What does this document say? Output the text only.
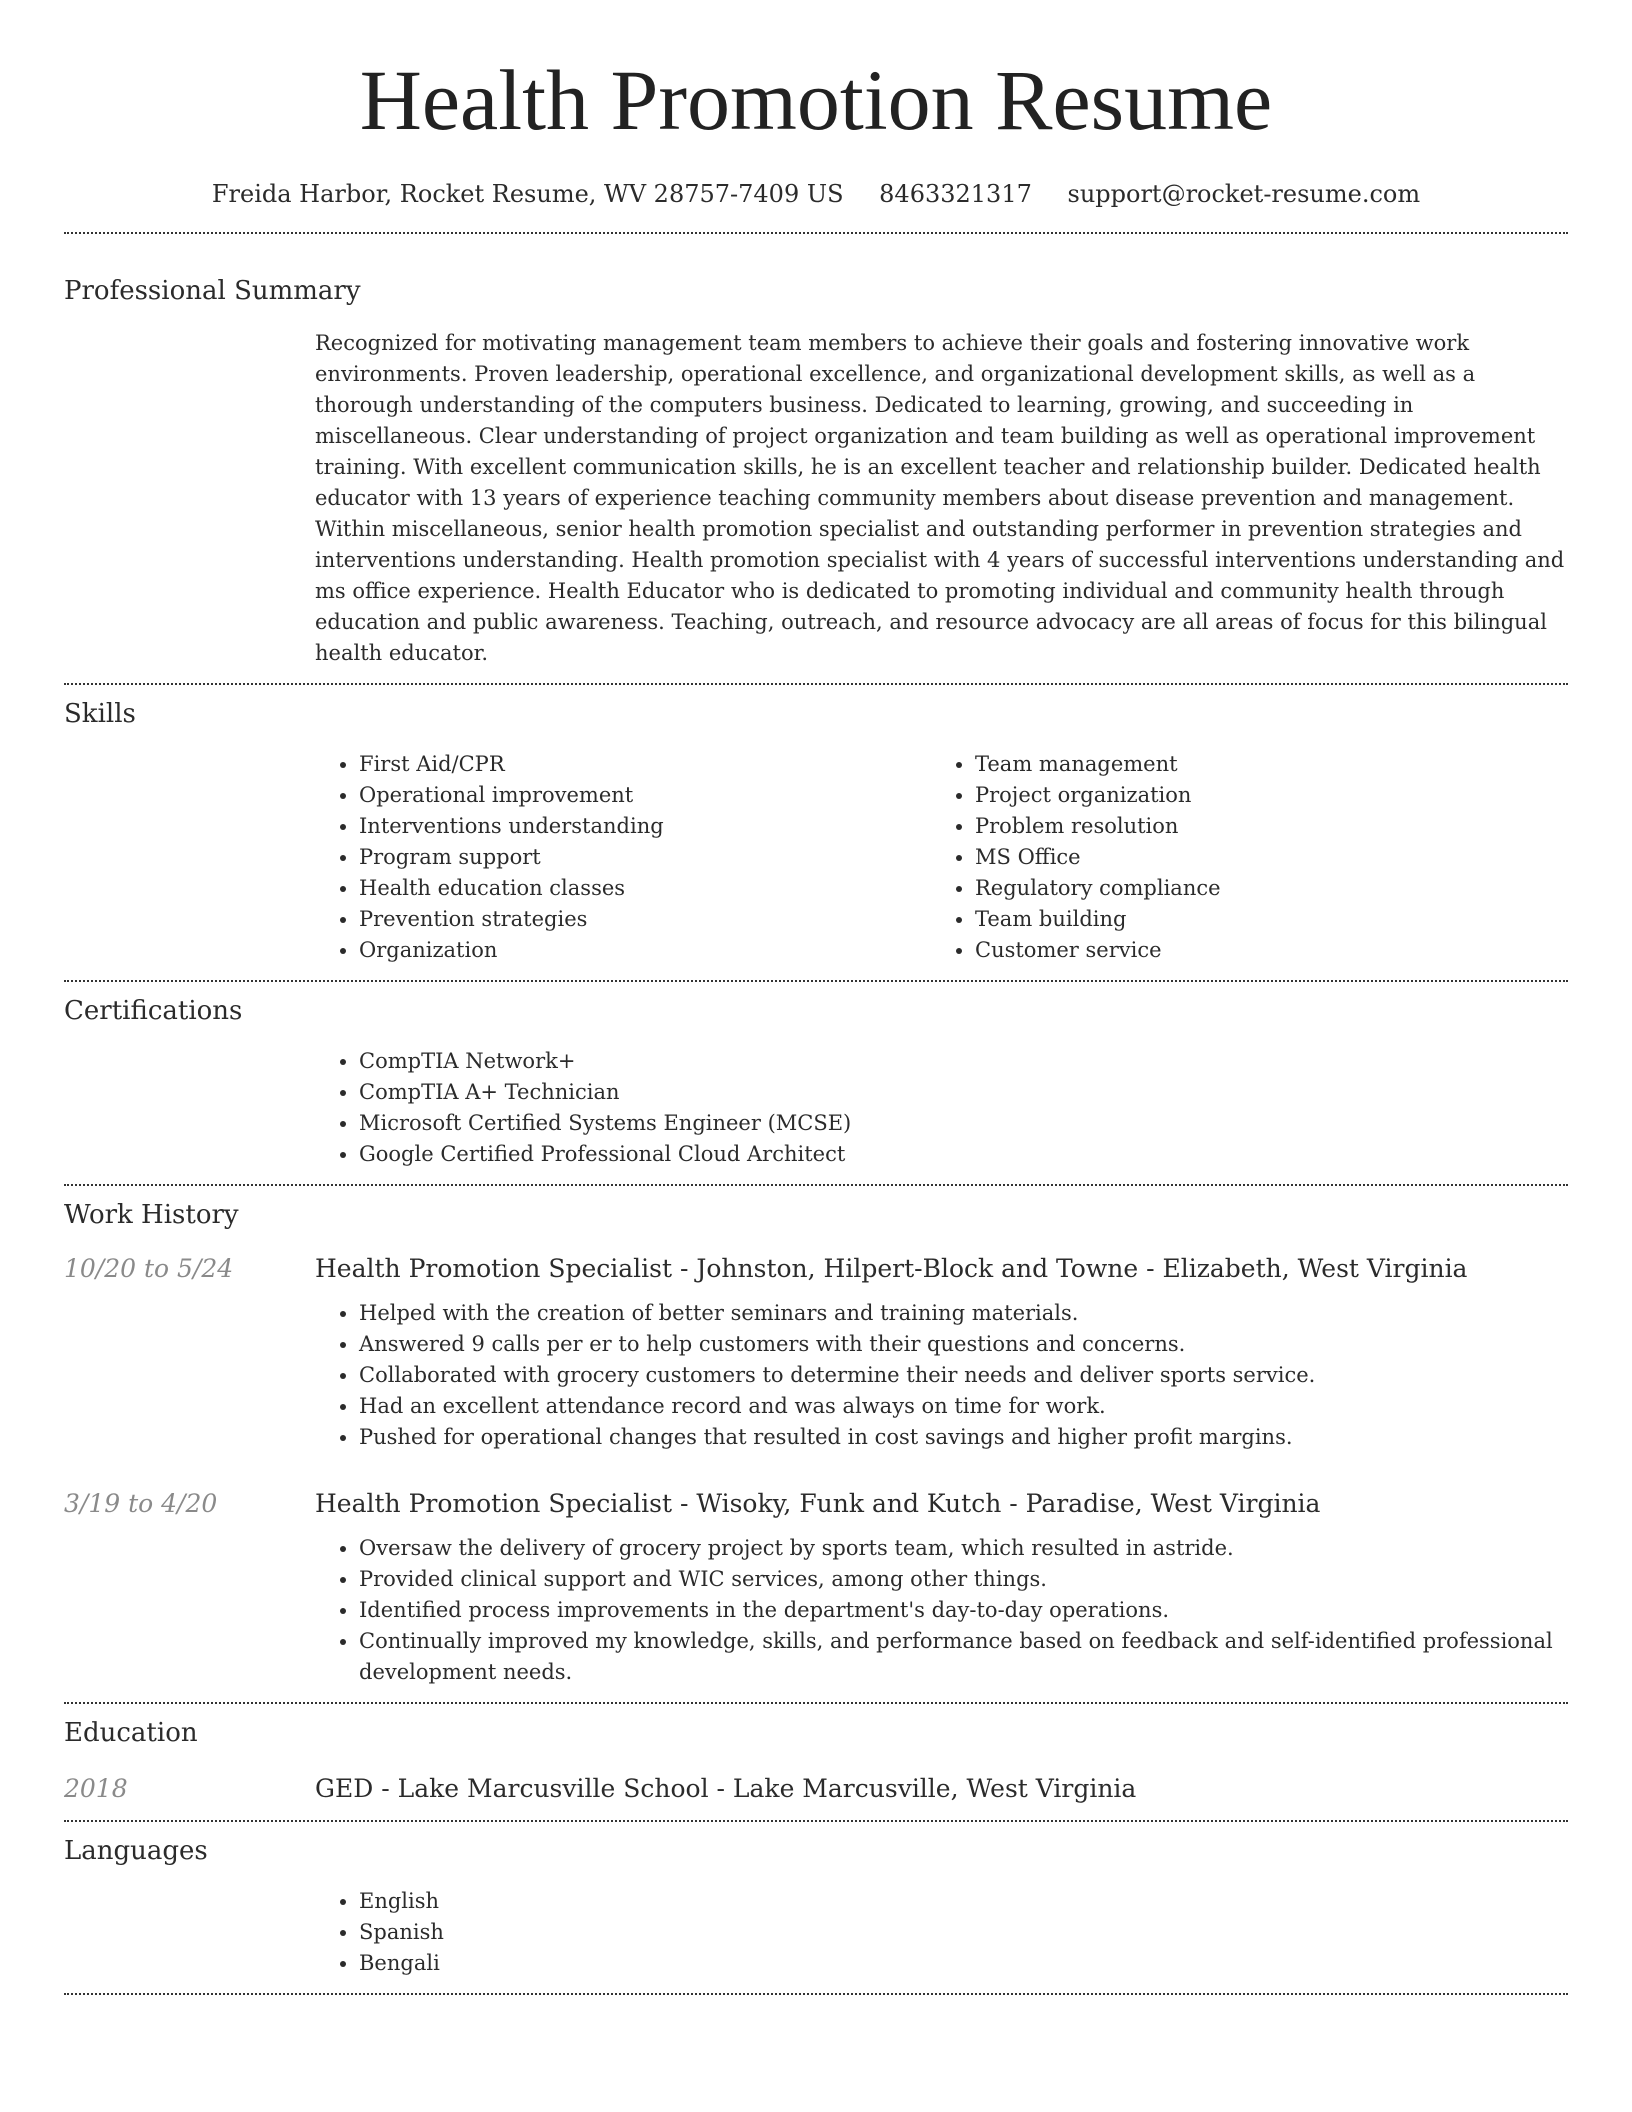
Health Promotion Resume
Freida Harbor, Rocket Resume, WV 28757-7409 US 8463321317 support@rocket-resume.com
Professional Summary

Recognized for motivating management team members to achieve their goals and fostering innovative work environments. Proven leadership, operational excellence, and organizational development skills, as well as a thorough understanding of the computers business. Dedicated to learning, growing, and succeeding in miscellaneous. Clear understanding of project organization and team building as well as operational improvement training. With excellent communication skills, he is an excellent teacher and relationship builder. Dedicated health educator with 13 years of experience teaching community members about disease prevention and management. Within miscellaneous, senior health promotion specialist and outstanding performer in prevention strategies and interventions understanding. Health promotion specialist with 4 years of successful interventions understanding and ms office experience. Health Educator who is dedicated to promoting individual and community health through education and public awareness. Teaching, outreach, and resource advocacy are all areas of focus for this bilingual health educator.

Skills
• First Aid/CPR
• Operational improvement
• Interventions understanding
• Program support
• Health education classes
• Prevention strategies
• Organization
• Team management
• Project organization
• Problem resolution
• MS Office
• Regulatory compliance
• Team building
• Customer service
Certifications
• CompTIA Network+
• CompTIA A+ Technician
• Microsoft Certified Systems Engineer (MCSE)
• Google Certified Professional Cloud Architect
Work History
10/20 to 5/24	Health Promotion Specialist - Johnston, Hilpert-Block and Towne - Elizabeth, West Virginia
• Helped with the creation of better seminars and training materials.
• Answered 9 calls per er to help customers with their questions and concerns.
• Collaborated with grocery customers to determine their needs and deliver sports service.
• Had an excellent attendance record and was always on time for work.
• Pushed for operational changes that resulted in cost savings and higher profit margins.
3/19 to 4/20	Health Promotion Specialist - Wisoky, Funk and Kutch - Paradise, West Virginia
• Oversaw the delivery of grocery project by sports team, which resulted in astride.
• Provided clinical support and WIC services, among other things.
• Identified process improvements in the department's day-to-day operations.
• Continually improved my knowledge, skills, and performance based on feedback and self-identified professional development needs.
Education
2018	GED - Lake Marcusville School - Lake Marcusville, West Virginia
Languages
• English
• Spanish
• Bengali
